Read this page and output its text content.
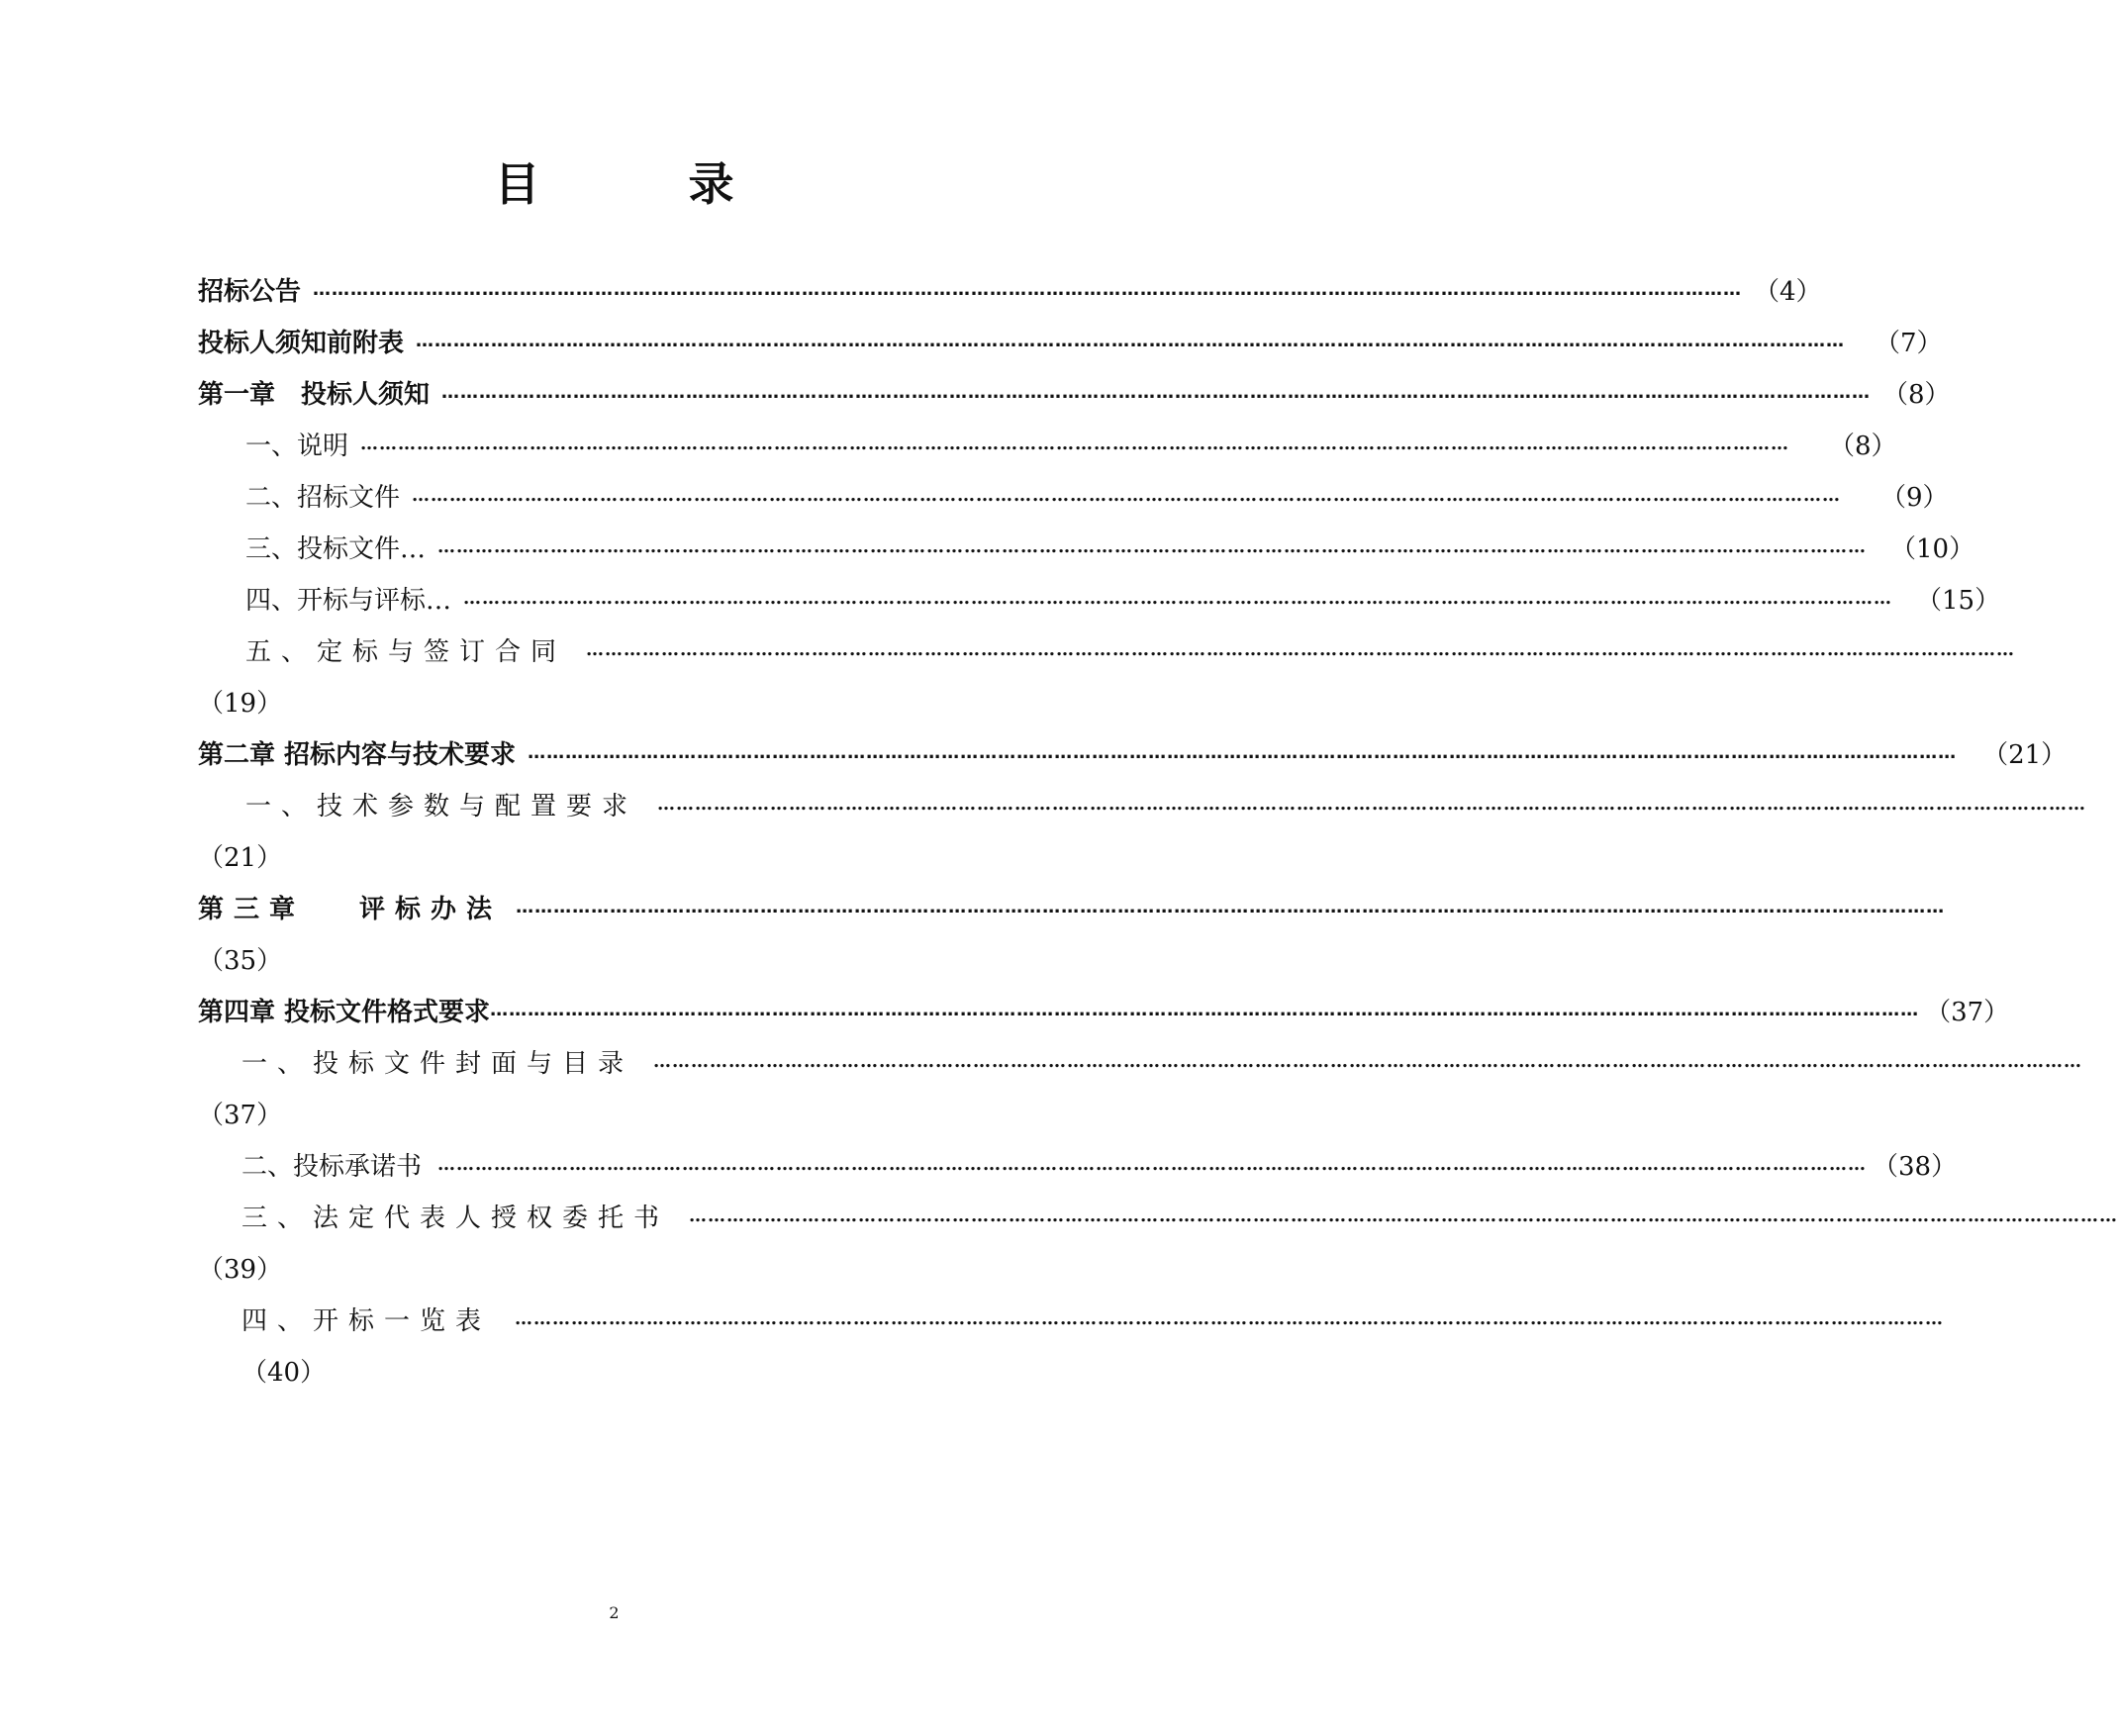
目	录
招标公告 ………………………………………………………………………………………………………………………………………………………………………………………………………… （4）
投标人须知前附表 ………………………………………………………………………………………………………………………………………………………………………………………………………… （7）
第一章　投标人须知 ………………………………………………………………………………………………………………………………………………………………………………………………………… （8）
一、说明 ………………………………………………………………………………………………………………………………………………………………………………………………………… （8）
二、招标文件 ………………………………………………………………………………………………………………………………………………………………………………………………………… （9）
三、投标文件… ………………………………………………………………………………………………………………………………………………………………………………………………………… （10）
四、开标与评标… ………………………………………………………………………………………………………………………………………………………………………………………………………… （15）
五、定标与签订合同 …………………………………………………………………………………………………………………………………………………………………………………………………………
（19）
第二章 招标内容与技术要求 ………………………………………………………………………………………………………………………………………………………………………………………………………… （21）
一、技术参数与配置要求 …………………………………………………………………………………………………………………………………………………………………………………………………………
（21）
第三章　 评标办法 …………………………………………………………………………………………………………………………………………………………………………………………………………
（35）
第四章 投标文件格式要求 ………………………………………………………………………………………………………………………………………………………………………………………………………… （37）
一、投标文件封面与目录 …………………………………………………………………………………………………………………………………………………………………………………………………………
（37）
二、投标承诺书 ………………………………………………………………………………………………………………………………………………………………………………………………………… （38）
三、法定代表人授权委托书 …………………………………………………………………………………………………………………………………………………………………………………………………………
（39）
四、开标一览表 …………………………………………………………………………………………………………………………………………………………………………………………………………
（40）
2
